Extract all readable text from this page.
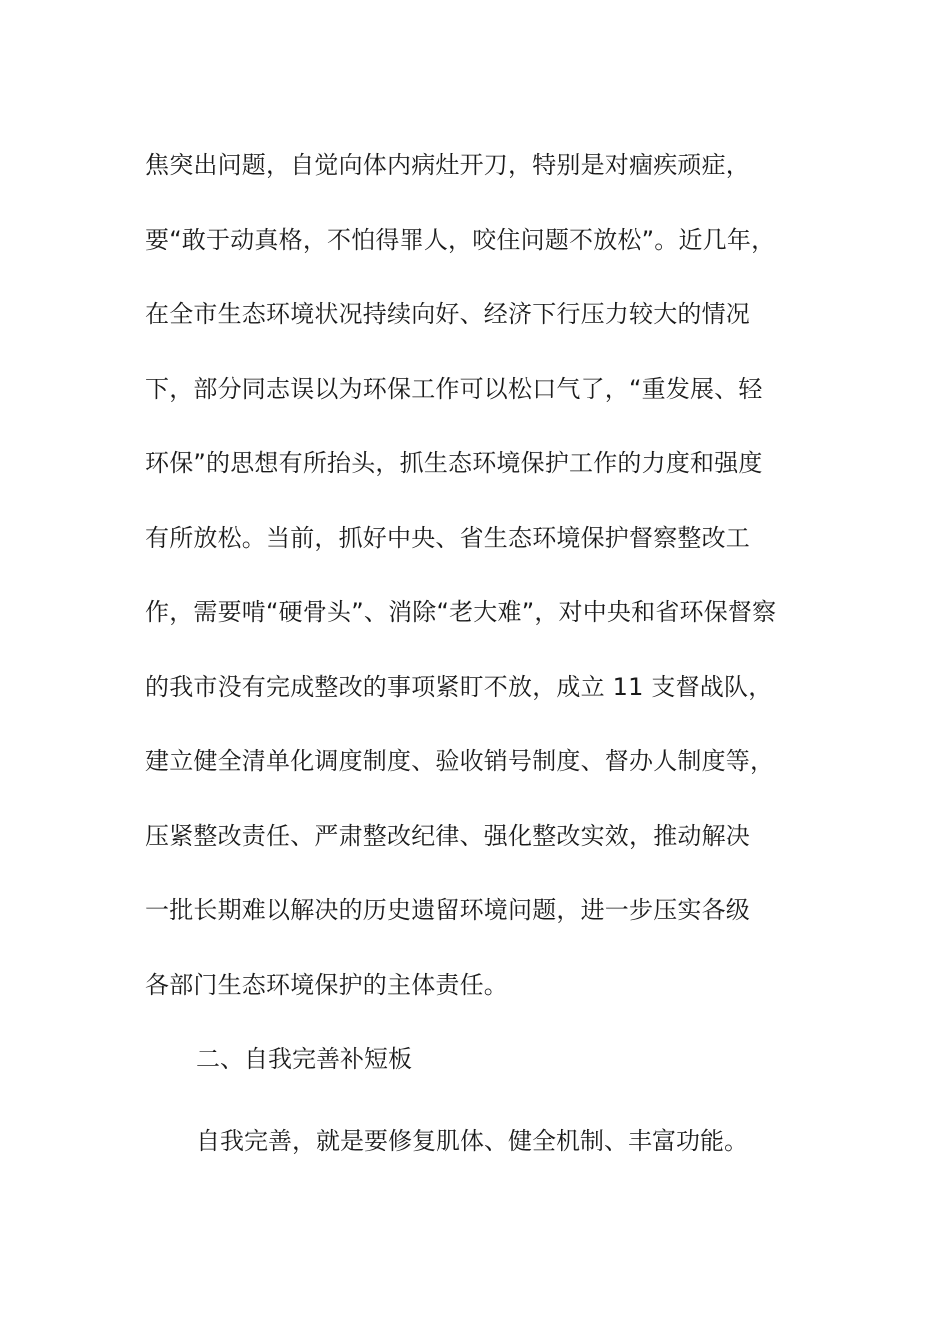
焦突出问题，自觉向体内病灶开刀，特别是对痼疾顽症，
要“敢于动真格，不怕得罪人，咬住问题不放松”。近几年，
在全市生态环境状况持续向好、经济下行压力较大的情况
下，部分同志误以为环保工作可以松口气了，“重发展、轻
环保”的思想有所抬头，抓生态环境保护工作的力度和强度
有所放松。当前，抓好中央、省生态环境保护督察整改工
作，需要啃“硬骨头”、消除“老大难”，对中央和省环保督察
的我市没有完成整改的事项紧盯不放，成立 11 支督战队，
建立健全清单化调度制度、验收销号制度、督办人制度等，
压紧整改责任、严肃整改纪律、强化整改实效，推动解决
一批长期难以解决的历史遗留环境问题，进一步压实各级
各部门生态环境保护的主体责任。
二、自我完善补短板
自我完善，就是要修复肌体、健全机制、丰富功能。
